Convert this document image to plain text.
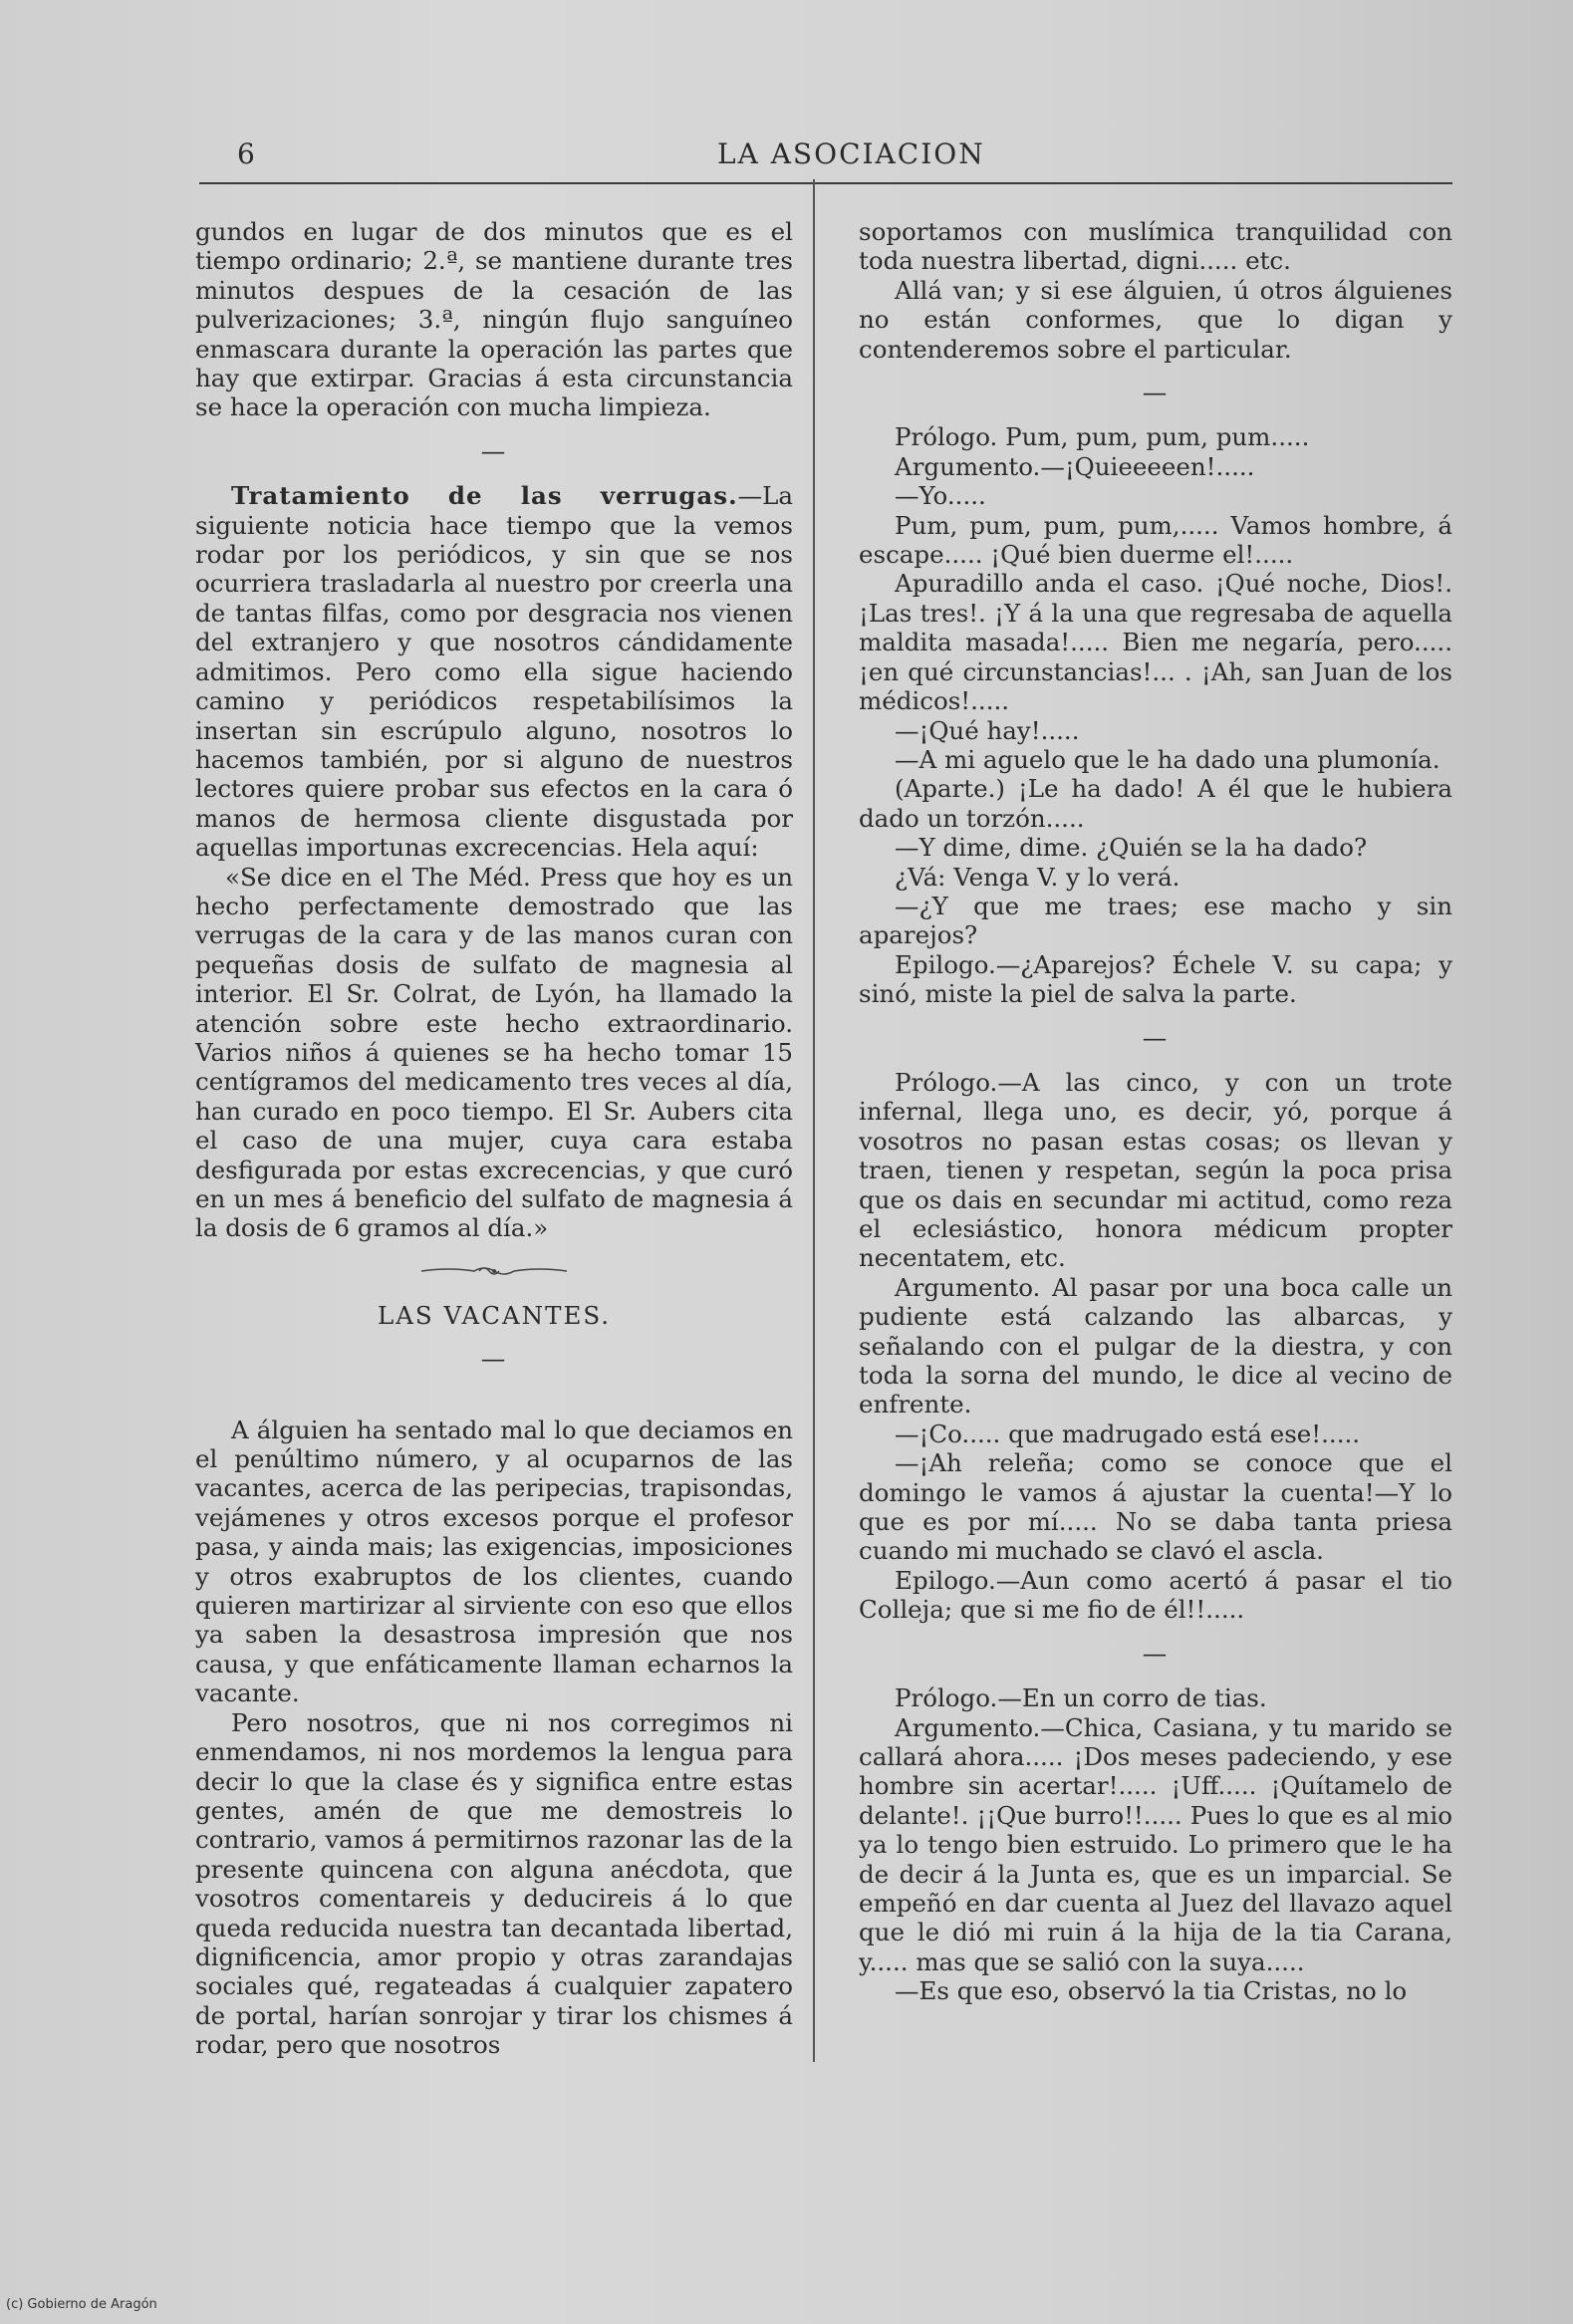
6	LA ASOCIACION

gundos en lugar de dos minutos que es el tiempo ordinario; 2.ª, se mantiene durante tres minutos despues de la cesación de las pulverizaciones; 3.ª, ningún flujo sanguíneo enmascara durante la operación las partes que hay que extirpar. Gracias á esta circunstancia se hace la operación con mucha limpieza.

—

Tratamiento de las verrugas.—La siguiente noticia hace tiempo que la vemos rodar por los periódicos, y sin que se nos ocurriera trasladarla al nuestro por creerla una de tantas filfas, como por desgracia nos vienen del extranjero y que nosotros cándidamente admitimos. Pero como ella sigue haciendo camino y periódicos respetabilísimos la insertan sin escrúpulo alguno, nosotros lo hacemos también, por si alguno de nuestros lectores quiere probar sus efectos en la cara ó manos de hermosa cliente disgustada por aquellas importunas excrecencias. Hela aquí:

«Se dice en el The Méd. Press que hoy es un hecho perfectamente demostrado que las verrugas de la cara y de las manos curan con pequeñas dosis de sulfato de magnesia al interior. El Sr. Colrat, de Lyón, ha llamado la atención sobre este hecho extraordinario. Varios niños á quienes se ha hecho tomar 15 centígramos del medicamento tres veces al día, han curado en poco tiempo. El Sr. Aubers cita el caso de una mujer, cuya cara estaba desfigurada por estas excrecencias, y que curó en un mes á beneficio del sulfato de magnesia á la dosis de 6 gramos al día.»

LAS VACANTES.

—

A álguien ha sentado mal lo que deciamos en el penúltimo número, y al ocuparnos de las vacantes, acerca de las peripecias, trapisondas, vejámenes y otros excesos porque el profesor pasa, y ainda mais; las exigencias, imposiciones y otros exabruptos de los clientes, cuando quieren martirizar al sirviente con eso que ellos ya saben la desastrosa impresión que nos causa, y que enfáticamente llaman echarnos la vacante.

Pero nosotros, que ni nos corregimos ni enmendamos, ni nos mordemos la lengua para decir lo que la clase és y significa entre estas gentes, amén de que me demostreis lo contrario, vamos á permitirnos razonar las de la presente quincena con alguna anécdota, que vosotros comentareis y deducireis á lo que queda reducida nuestra tan decantada libertad, dignificencia, amor propio y otras zarandajas sociales qué, regateadas á cualquier zapatero de portal, harían sonrojar y tirar los chismes á rodar, pero que nosotros

soportamos con muslímica tranquilidad con toda nuestra libertad, digni..... etc.

Allá van; y si ese álguien, ú otros álguienes no están conformes, que lo digan y contenderemos sobre el particular.

—

Prólogo. Pum, pum, pum, pum.....

Argumento.—¡Quieeeeen!.....

—Yo.....

Pum, pum, pum, pum,..... Vamos hombre, á escape..... ¡Qué bien duerme el!.....

Apuradillo anda el caso. ¡Qué noche, Dios!. ¡Las tres!. ¡Y á la una que regresaba de aquella maldita masada!..... Bien me negaría, pero..... ¡en qué circunstancias!... . ¡Ah, san Juan de los médicos!.....

—¡Qué hay!.....

—A mi aguelo que le ha dado una plumonía.

(Aparte.) ¡Le ha dado! A él que le hubiera dado un torzón.....

—Y dime, dime. ¿Quién se la ha dado?

¿Vá: Venga V. y lo verá.

—¿Y que me traes; ese macho y sin aparejos?

Epilogo.—¿Aparejos? Échele V. su capa; y sinó, miste la piel de salva la parte.

—

Prólogo.—A las cinco, y con un trote infernal, llega uno, es decir, yó, porque á vosotros no pasan estas cosas; os llevan y traen, tienen y respetan, según la poca prisa que os dais en secundar mi actitud, como reza el eclesiástico, honora médicum propter necentatem, etc.

Argumento. Al pasar por una boca calle un pudiente está calzando las albarcas, y señalando con el pulgar de la diestra, y con toda la sorna del mundo, le dice al vecino de enfrente.

—¡Co..... que madrugado está ese!.....

—¡Ah releña; como se conoce que el domingo le vamos á ajustar la cuenta!—Y lo que es por mí..... No se daba tanta priesa cuando mi muchado se clavó el ascla.

Epilogo.—Aun como acertó á pasar el tio Colleja; que si me fio de él!!.....

—

Prólogo.—En un corro de tias.

Argumento.—Chica, Casiana, y tu marido se callará ahora..... ¡Dos meses padeciendo, y ese hombre sin acertar!..... ¡Uff..... ¡Quítamelo de delante!. ¡¡Que burro!!..... Pues lo que es al mio ya lo tengo bien estruido. Lo primero que le ha de decir á la Junta es, que es un imparcial. Se empeñó en dar cuenta al Juez del llavazo aquel que le dió mi ruin á la hija de la tia Carana, y..... mas que se salió con la suya.....

—Es que eso, observó la tia Cristas, no lo

(c) Gobierno de Aragón
